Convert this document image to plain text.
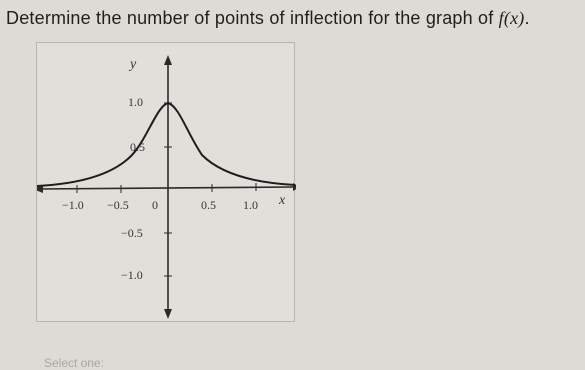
Determine the number of points of inflection for the graph of f(x).
y
x
1.0
0.5
−0.5
−1.0
−1.0 −0.5 0	0.5 1.0
Select one:
